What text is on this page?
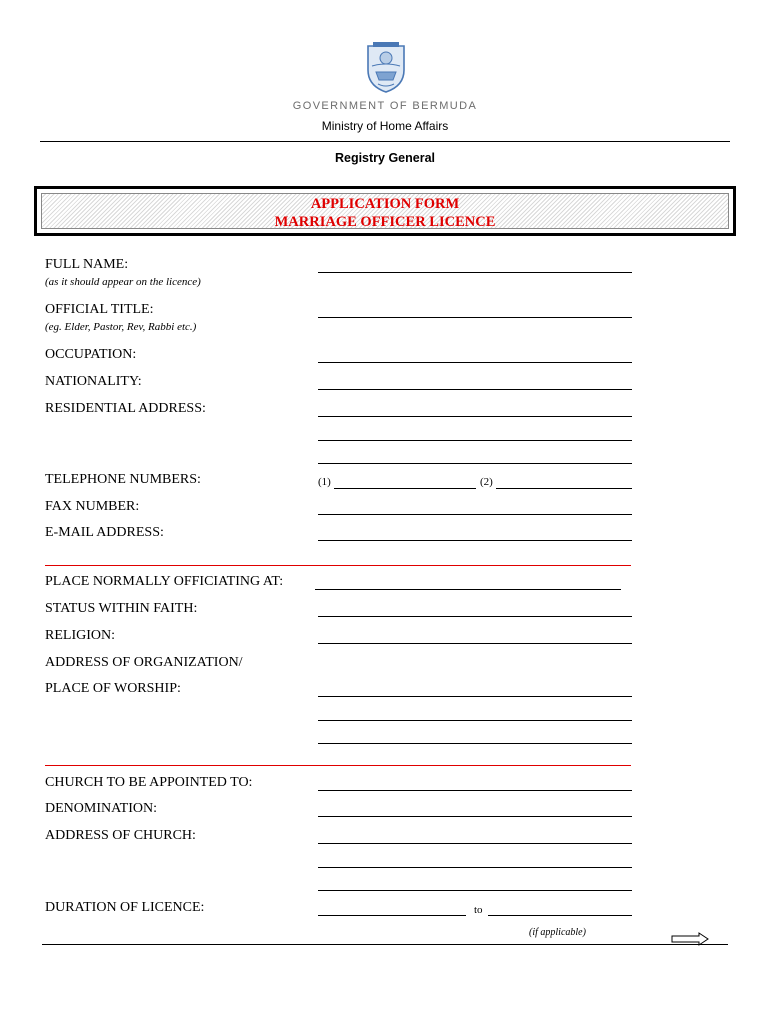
GOVERNMENT OF BERMUDA
Ministry of Home Affairs
Registry General
APPLICATION FORM
MARRIAGE OFFICER LICENCE
FULL NAME:
(as it should appear on the licence)
OFFICIAL TITLE:
(eg. Elder, Pastor, Rev, Rabbi etc.)
OCCUPATION:
NATIONALITY:
RESIDENTIAL ADDRESS:
TELEPHONE NUMBERS:	(1)	(2)
FAX NUMBER:
E-MAIL ADDRESS:
PLACE NORMALLY OFFICIATING AT:
STATUS WITHIN FAITH:
RELIGION:
ADDRESS OF ORGANIZATION/
PLACE OF WORSHIP:
CHURCH TO BE APPOINTED TO:
DENOMINATION:
ADDRESS OF CHURCH:
DURATION OF LICENCE:	to
(if applicable)
